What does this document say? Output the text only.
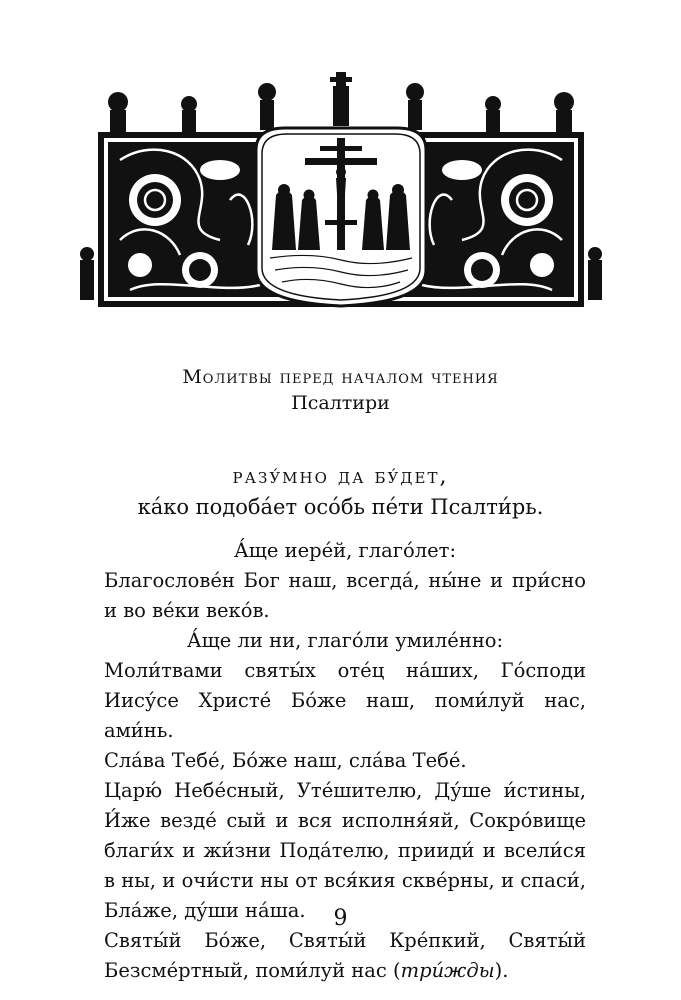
Молитвы перед началом чтения
Псалтири
разу́мно да бу́дет,
ка́ко подоба́ет осо́бь пе́ти Псалти́рь.

А́ще иере́й, глаго́лет:

Благослове́н Бог наш, всегда́, ны́не и при́сно и во ве́ки веко́в.

А́ще ли ни, глаго́ли умиле́нно:

Моли́твами святы́х оте́ц на́ших, Го́споди Иису́се Христе́ Бо́же наш, поми́луй нас, ами́нь.

Сла́ва Тебе́, Бо́же наш, сла́ва Тебе́.

Царю́ Небе́сный, Уте́шителю, Ду́ше и́стины, И́же везде́ сый и вся исполня́яй, Сокро́вище благи́х и жи́зни Пода́телю, прииди́ и всели́ся в ны, и очи́сти ны от вся́кия скве́рны, и спаси́, Бла́же, ду́ши на́ша.

Святы́й Бо́же, Святы́й Кре́пкий, Святы́й Безсме́ртный, поми́луй нас (три́жды).

9
